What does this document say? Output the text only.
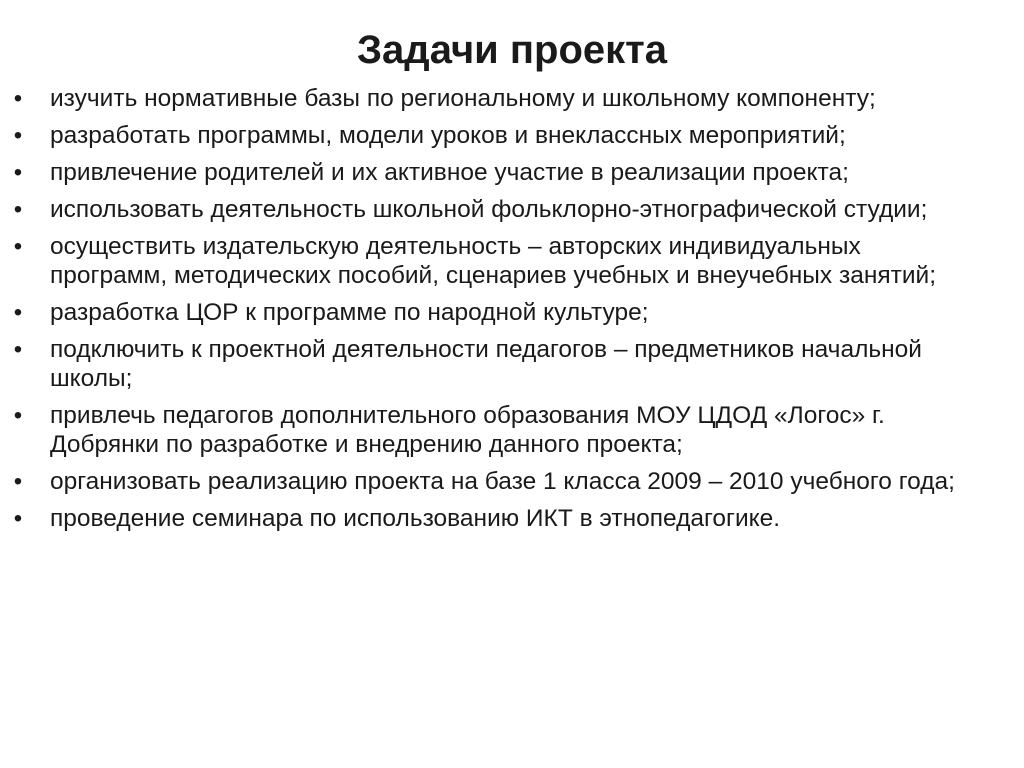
Задачи проекта
• изучить нормативные базы по региональному и школьному компоненту;
• разработать программы, модели уроков и внеклассных мероприятий;
• привлечение родителей и их активное участие в реализации проекта;
• использовать деятельность школьной фольклорно-этнографической студии;
• осуществить издательскую деятельность – авторских индивидуальных программ, методических пособий, сценариев учебных и внеучебных занятий;
• разработка ЦОР к программе по народной культуре;
• подключить к проектной деятельности педагогов – предметников начальной школы;
• привлечь педагогов дополнительного образования МОУ ЦДОД «Логос» г. Добрянки по разработке и внедрению данного проекта;
• организовать реализацию проекта на базе 1 класса 2009 – 2010 учебного года;
• проведение семинара по использованию ИКТ в этнопедагогике.
